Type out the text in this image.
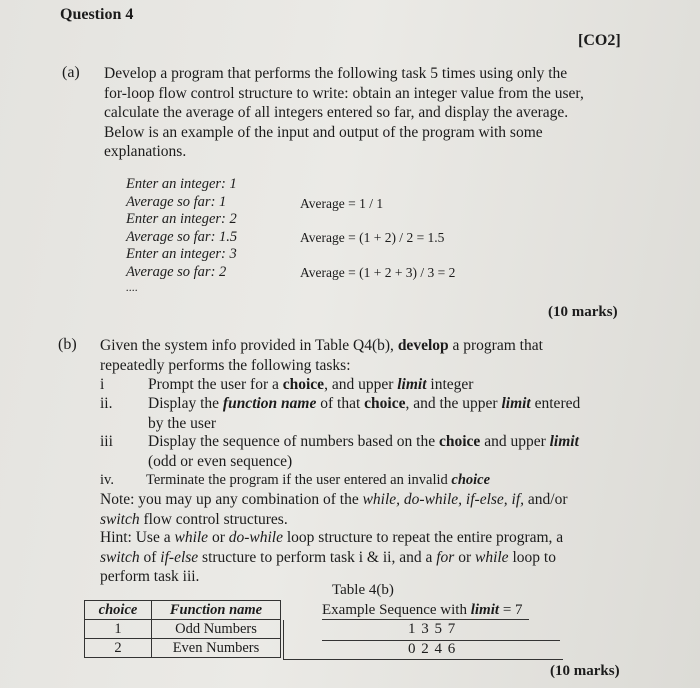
Question 4
[CO2]
(a) Develop a program that performs the following task 5 times using only the
for-loop flow control structure to write: obtain an integer value from the user,
calculate the average of all integers entered so far, and display the average.
Below is an example of the input and output of the program with some
explanations.
Enter an integer: 1
Average so far: 1
Enter an integer: 2
Average so far: 1.5
Enter an integer: 3
Average so far: 2
....
Average = 1 / 1
Average = (1 + 2) / 2 = 1.5
Average = (1 + 2 + 3) / 3 = 2
(10 marks)
(b) Given the system info provided in Table Q4(b), develop a program that
repeatedly performs the following tasks:
i	Prompt the user for a choice, and upper limit integer
ii. Display the function name of that choice, and the upper limit entered
by the user
iii Display the sequence of numbers based on the choice and upper limit
(odd or even sequence)
iv. Terminate the program if the user entered an invalid choice
Note: you may up any combination of the while, do-while, if-else, if, and/or
switch flow control structures.
Hint: Use a while or do-while loop structure to repeat the entire program, a
switch of if-else structure to perform task i & ii, and a for or while loop to
perform task iii.
Table 4(b)
choice	Function name
1	Odd Numbers
2	Even Numbers
Example Sequence with limit = 7
1 3 5 7
0 2 4 6
(10 marks)
